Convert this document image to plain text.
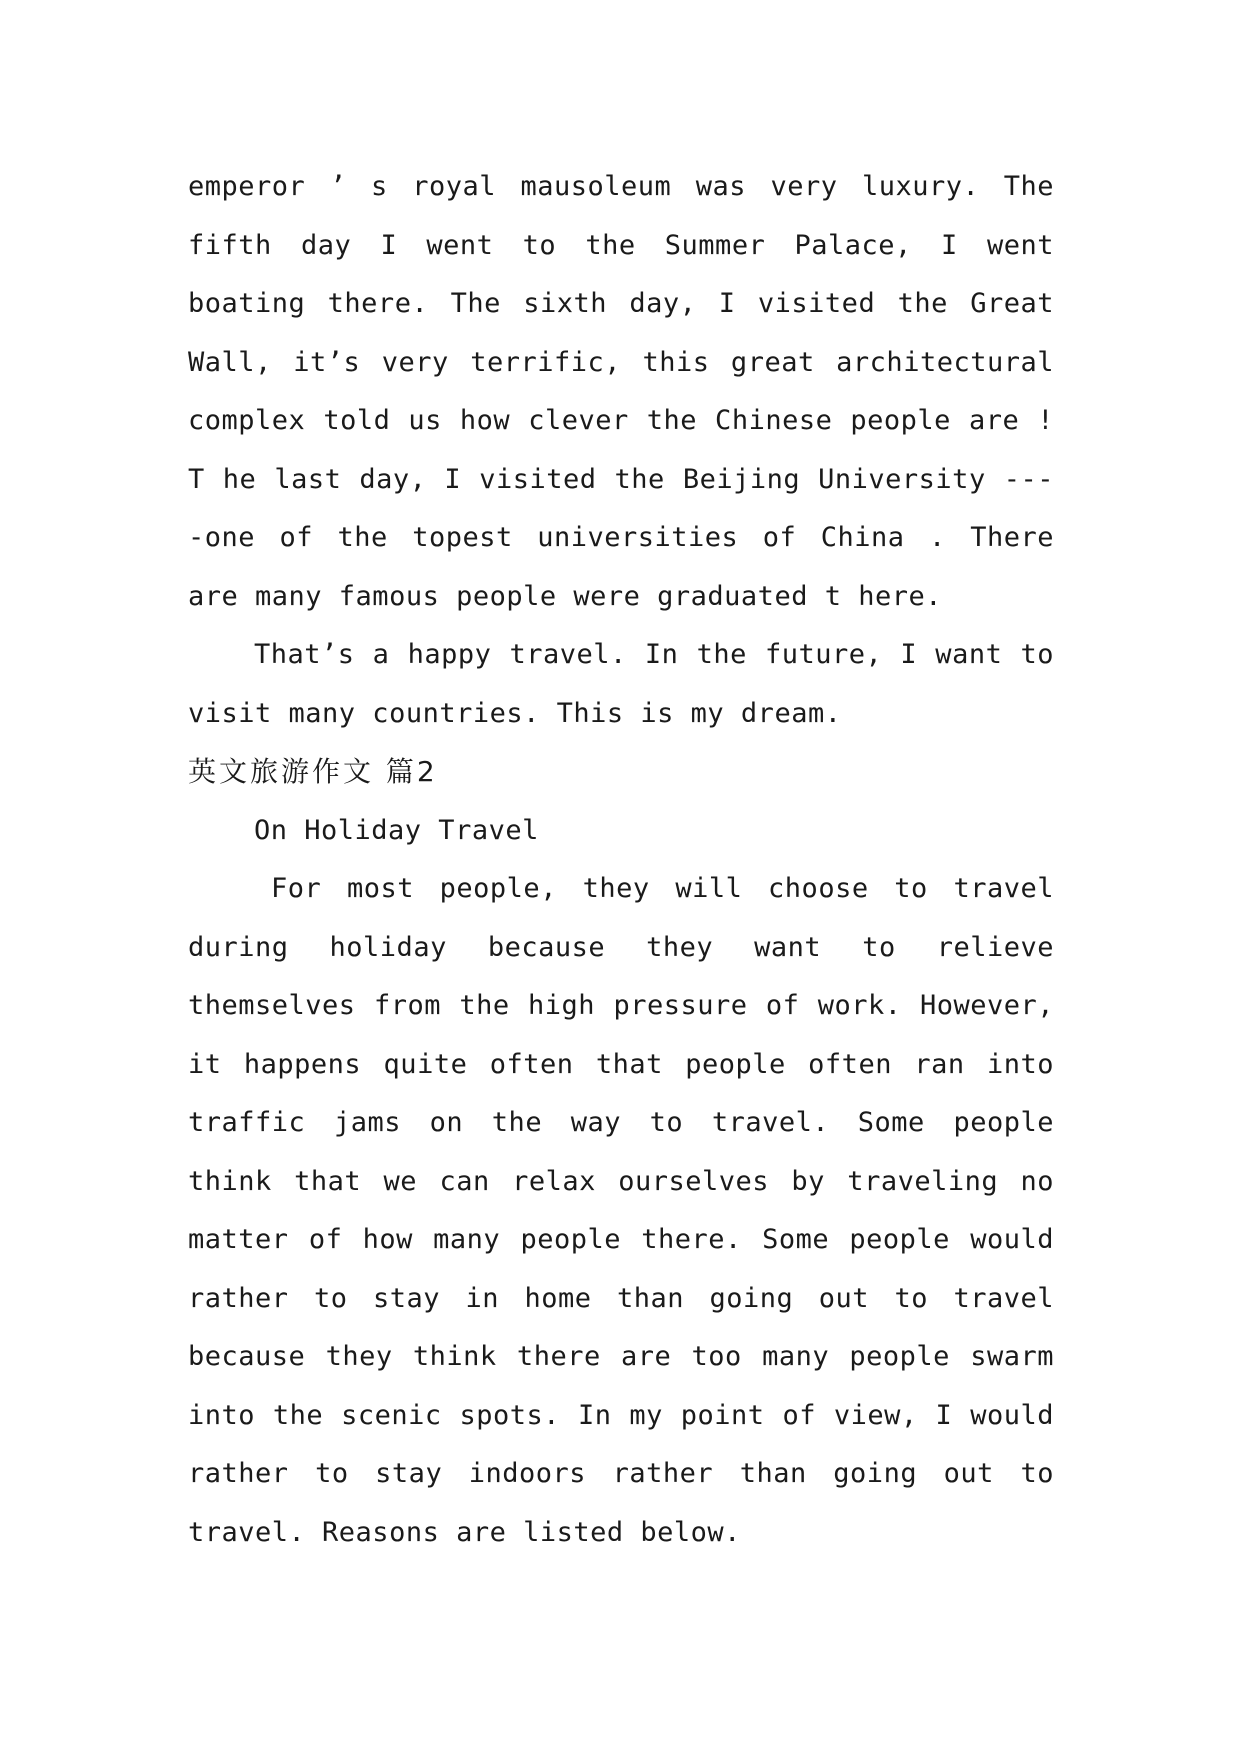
emperor ’ s royal mausoleum was very luxury. The fifth day I went to the Summer Palace, I went boating there. The sixth day, I visited the Great Wall, it’s very terrific, this great architectural complex told us how clever the Chinese people are ! T he last day, I visited the Beijing University ----one of the topest universities of China . There are many famous people were graduated t here.

That’s a happy travel. In the future, I want to visit many countries. This is my dream.

英文旅游作文 篇2

On Holiday Travel

For most people, they will choose to travel during holiday because they want to relieve themselves from the high pressure of work. However, it happens quite often that people often ran into traffic jams on the way to travel. Some people think that we can relax ourselves by traveling no matter of how many people there. Some people would rather to stay in home than going out to travel because they think there are too many people swarm into the scenic spots. In my point of view, I would rather to stay indoors rather than going out to travel. Reasons are listed below.
